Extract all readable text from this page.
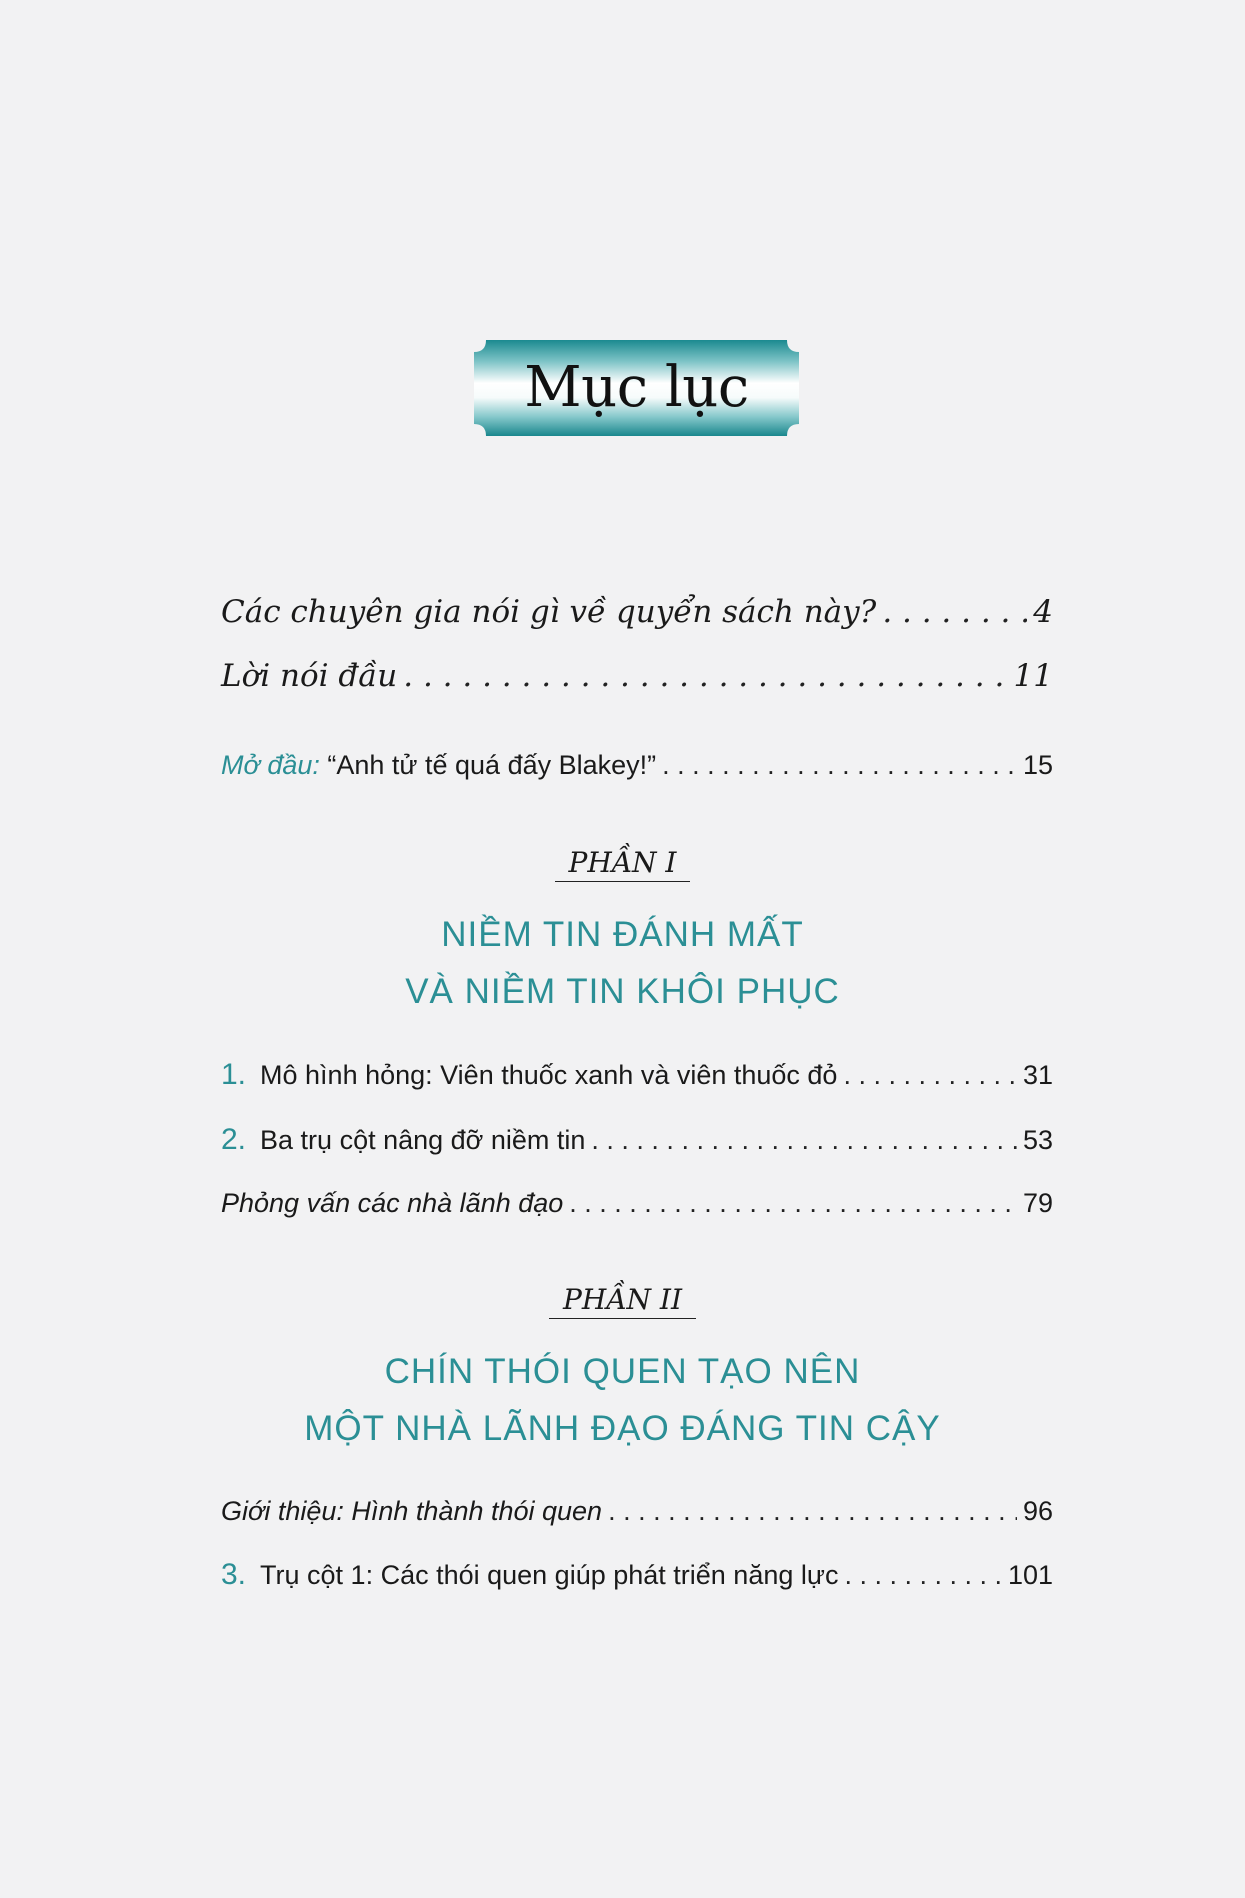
Mục lục
Các chuyên gia nói gì về quyển sách này? . . .	4
Lời nói đầu . . .	11
Mở đầu: “Anh tử tế quá đấy Blakey!” . . .	15
PHẦN I
NIỀM TIN ĐÁNH MẤT
VÀ NIỀM TIN KHÔI PHỤC
1. Mô hình hỏng: Viên thuốc xanh và viên thuốc đỏ . . .	31
2. Ba trụ cột nâng đỡ niềm tin . . .	53
Phỏng vấn các nhà lãnh đạo . . .	79
PHẦN II
CHÍN THÓI QUEN TẠO NÊN
MỘT NHÀ LÃNH ĐẠO ĐÁNG TIN CẬY
Giới thiệu: Hình thành thói quen . . .	96
3. Trụ cột 1: Các thói quen giúp phát triển năng lực . . .	101
